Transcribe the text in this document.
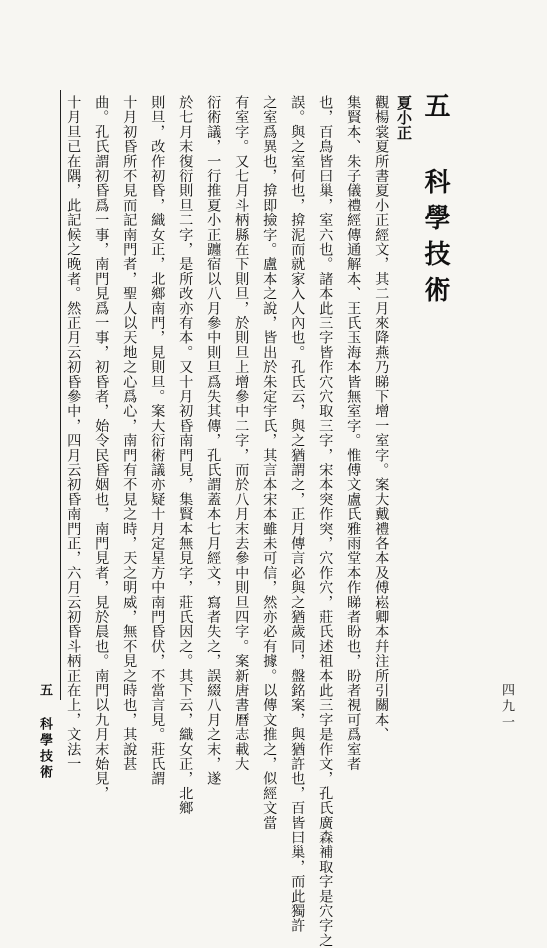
五 科學技術
夏小正
觀楊裳夏所書夏小正經文，其二月來降燕乃睇下增一室字。案大戴禮各本及傅崧卿本幷注所引關本、
集賢本、朱子儀禮經傳通解本、王氏玉海本皆無室字。惟傅文盧氏雅雨堂本作睇者盼也，盼者視可爲室者
也，百鳥皆曰巢，室六也。諸本此三字皆作穴穴取三字，宋本突作突，穴作穴，莊氏述祖本此三字是作文，孔氏廣森補取字是穴字之
誤。與之室何也，揜泥而就家入人內也。孔氏云，與之猶謂之，正月傳言必與之猶歲同，盤銘案，與猶許也，百皆曰巢，而此獨許
之室爲異也，揜即撿字。盧本之說，皆出於朱定宇氏，其言本宋本雖未可信，然亦必有據。以傳文推之，似經文當
有室字。又七月斗柄縣在下則旦，於則旦上增參中二字，而於八月末去參中則旦四字。案新唐書曆志載大
衍術議，一行推夏小正躔宿以八月參中則旦爲失其傳，孔氏謂蓋本七月經文，寫者失之，誤綴八月之末，遂
於七月末復衍則旦二字，是所改亦有本。又十月初昏南門見，集賢本無見字，莊氏因之。其下云，織女正，北鄉
則旦，改作初昏，織女正，北鄉南門，見則旦。案大衍術議亦疑十月定星方中南門昏伏，不當言見。莊氏謂
十月初昏所不見而記南門者，聖人以天地之心爲心，南門有不見之時，天之明威，無不見之時也，其說甚
曲。孔氏謂初昏爲一事，南門見爲一事，初昏者，始令民昏姻也，南門見者，見於晨也。南門以九月末始見，
十月旦已在隅，此記候之晚者。然正月云初昏參中，四月云初昏南門正，六月云初昏斗柄正在上，文法一
五 科學技術	四九一
